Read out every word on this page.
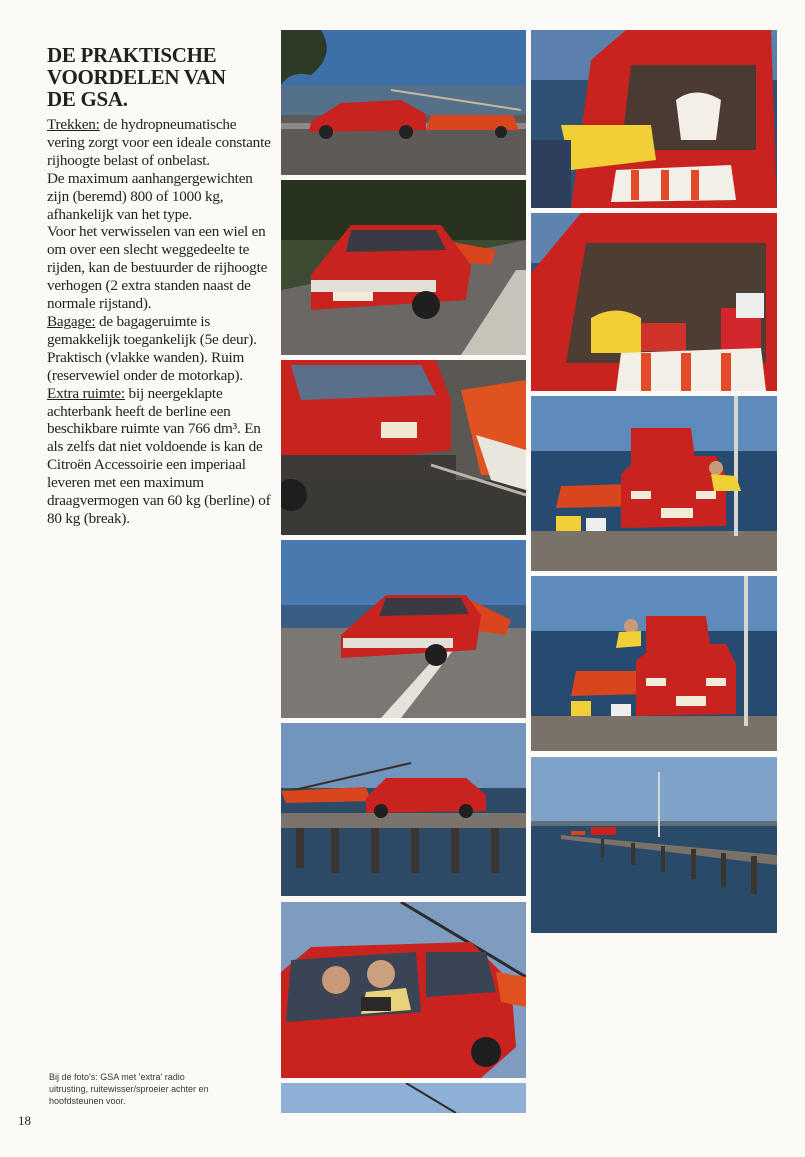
DE PRAKTISCHE
VOORDELEN VAN
DE GSA.

Trekken: de hydropneumatische vering zorgt voor een ideale constante rijhoogte belast of onbelast.

De maximum aanhangergewichten zijn (beremd) 800 of 1000 kg, afhankelijk van het type.

Voor het verwisselen van een wiel en om over een slecht weggedeelte te rijden, kan de bestuurder de rijhoogte verhogen (2 extra standen naast de normale rijstand).

Bagage: de bagageruimte is gemakkelijk toegankelijk (5e deur). Praktisch (vlakke wanden). Ruim (reservewiel onder de motorkap).

Extra ruimte: bij neergeklapte achterbank heeft de berline een beschikbare ruimte van 766 dm³. En als zelfs dat niet voldoende is kan de Citroën Accessoirie een imperiaal leveren met een maximum draagvermogen van 60 kg (berline) of 80 kg (break).

Bij de foto's: GSA met 'extra' radio
uitrusting, ruitewisser/sproeier achter en
hoofdsteunen voor.
18
